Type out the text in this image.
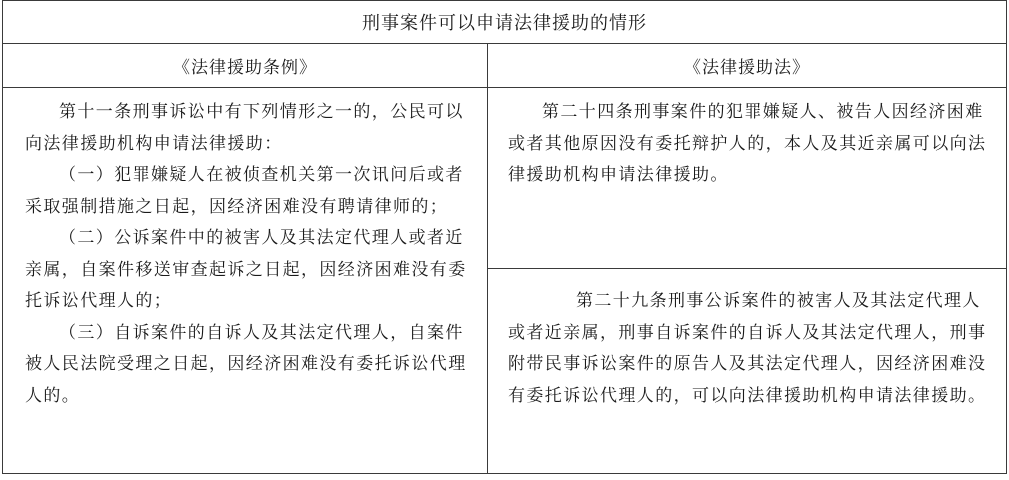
刑事案件可以申请法律援助的情形	
《法律援助条例》	《法律援助法》

第十一条刑事诉讼中有下列情形之一的，公民可以向法律援助机构申请法律援助：

（一）犯罪嫌疑人在被侦查机关第一次讯问后或者采取强制措施之日起，因经济困难没有聘请律师的；

（二）公诉案件中的被害人及其法定代理人或者近亲属，自案件移送审查起诉之日起，因经济困难没有委托诉讼代理人的；

（三）自诉案件的自诉人及其法定代理人，自案件被人民法院受理之日起，因经济困难没有委托诉讼代理人的。	第二十四条刑事案件的犯罪嫌疑人、被告人因经济困难或者其他原因没有委托辩护人的，本人及其近亲属可以向法律援助机构申请法律援助。

	第二十九条刑事公诉案件的被害人及其法定代理人或者近亲属，刑事自诉案件的自诉人及其法定代理人，刑事附带民事诉讼案件的原告人及其法定代理人，因经济困难没有委托诉讼代理人的，可以向法律援助机构申请法律援助。
